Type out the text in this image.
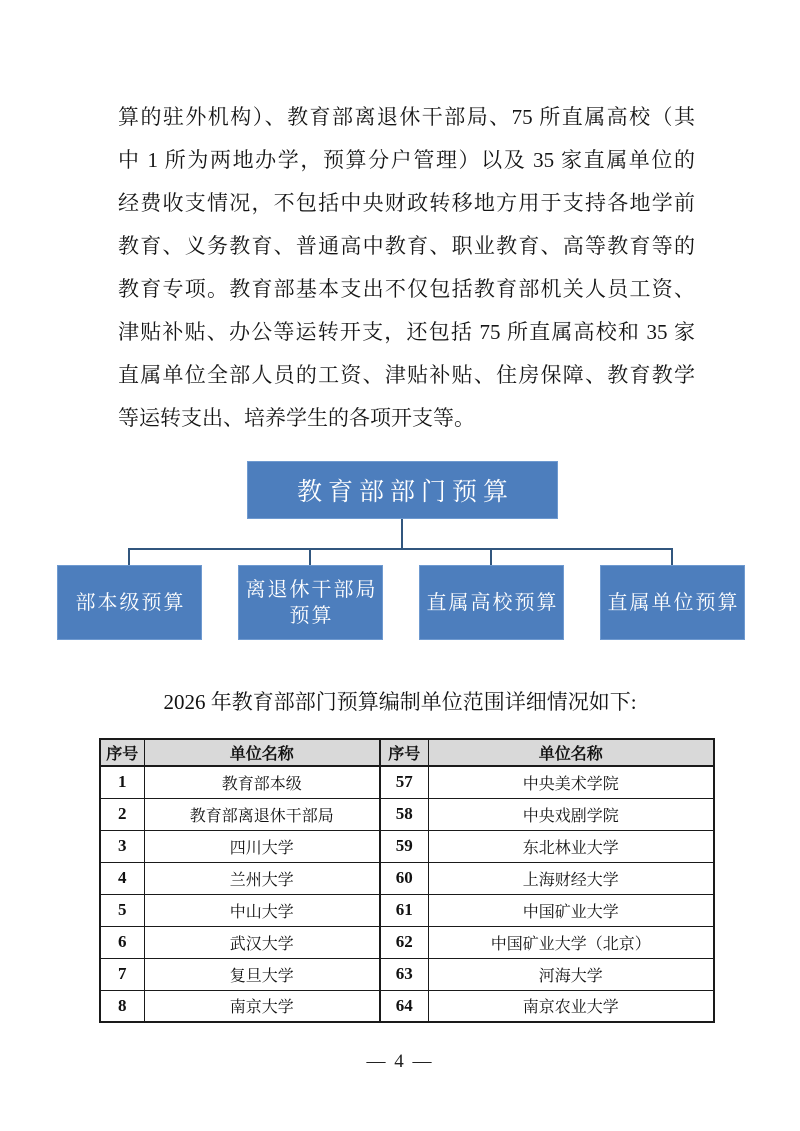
算的驻外机构）、教育部离退休干部局、75 所直属高校（其
中 1 所为两地办学，预算分户管理）以及 35 家直属单位的
经费收支情况，不包括中央财政转移地方用于支持各地学前
教育、义务教育、普通高中教育、职业教育、高等教育等的
教育专项。教育部基本支出不仅包括教育部机关人员工资、
津贴补贴、办公等运转开支，还包括 75 所直属高校和 35 家
直属单位全部人员的工资、津贴补贴、住房保障、教育教学
等运转支出、培养学生的各项开支等。
教育部部门预算
部本级预算
离退休干部局
预算
直属高校预算 直属单位预算
2026 年教育部部门预算编制单位范围详细情况如下:
序号	单位名称	序号	单位名称
1	教育部本级	57	中央美术学院
2	教育部离退休干部局	58	中央戏剧学院
3	四川大学	59	东北林业大学
4	兰州大学	60	上海财经大学
5	中山大学	61	中国矿业大学
6	武汉大学	62	中国矿业大学（北京）
7	复旦大学	63	河海大学
8	南京大学	64	南京农业大学
— 4 —
